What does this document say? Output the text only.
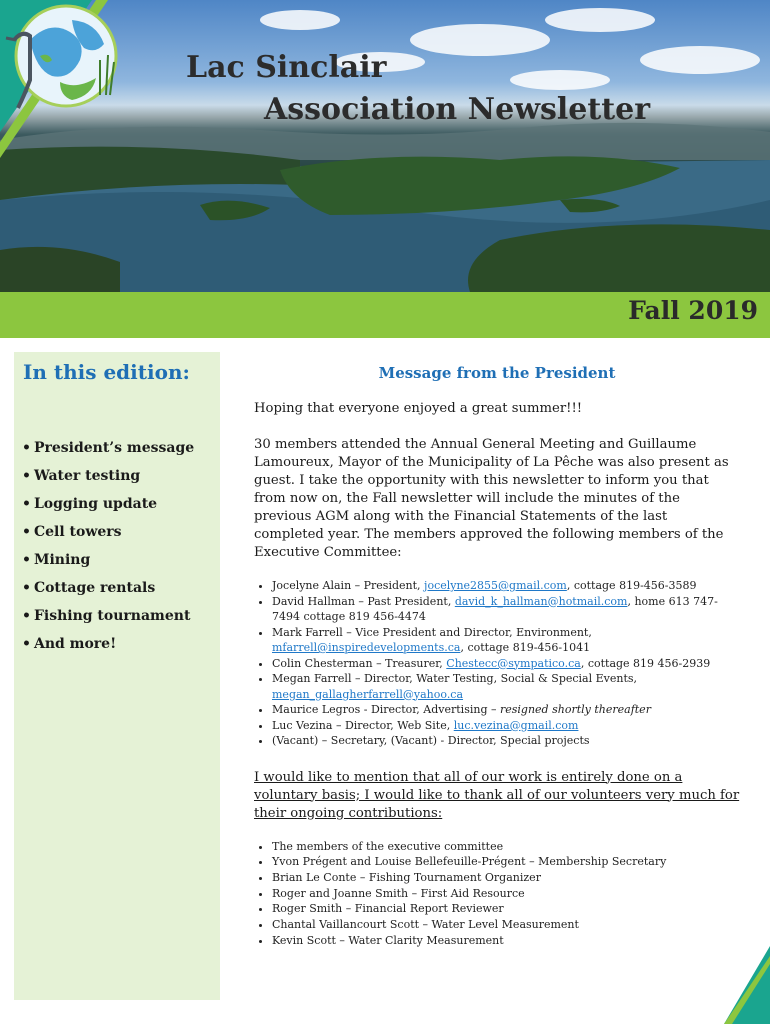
Lac Sinclair
Association Newsletter
Fall 2019
In this edition:
• President’s message
• Water testing
• Logging update
• Cell towers
• Mining
• Cottage rentals
• Fishing tournament
• And more!
Message from the President

Hoping that everyone enjoyed a great summer!!!

30 members attended the Annual General Meeting and Guillaume Lamoureux, Mayor of the Municipality of La Pêche was also present as guest. I take the opportunity with this newsletter to inform you that from now on, the Fall newsletter will include the minutes of the previous AGM along with the Financial Statements of the last completed year. The members approved the following members of the Executive Committee:

• Jocelyne Alain – President, jocelyne2855@gmail.com, cottage 819-456-3589
• David Hallman – Past President, david_k_hallman@hotmail.com, home 613 747-7494 cottage 819 456-4474
• Mark Farrell – Vice President and Director, Environment, mfarrell@inspiredevelopments.ca, cottage 819-456-1041
• Colin Chesterman – Treasurer, Chestecc@sympatico.ca, cottage 819 456-2939
• Megan Farrell – Director, Water Testing, Social & Special Events, megan_gallagherfarrell@yahoo.ca
• Maurice Legros - Director, Advertising – resigned shortly thereafter
• Luc Vezina – Director, Web Site, luc.vezina@gmail.com
• (Vacant) – Secretary, (Vacant) - Director, Special projects

I would like to mention that all of our work is entirely done on a voluntary basis; I would like to thank all of our volunteers very much for their ongoing contributions:

• The members of the executive committee
• Yvon Prégent and Louise Bellefeuille-Prégent – Membership Secretary
• Brian Le Conte – Fishing Tournament Organizer
• Roger and Joanne Smith – First Aid Resource
• Roger Smith – Financial Report Reviewer
• Chantal Vaillancourt Scott – Water Level Measurement
• Kevin Scott – Water Clarity Measurement
